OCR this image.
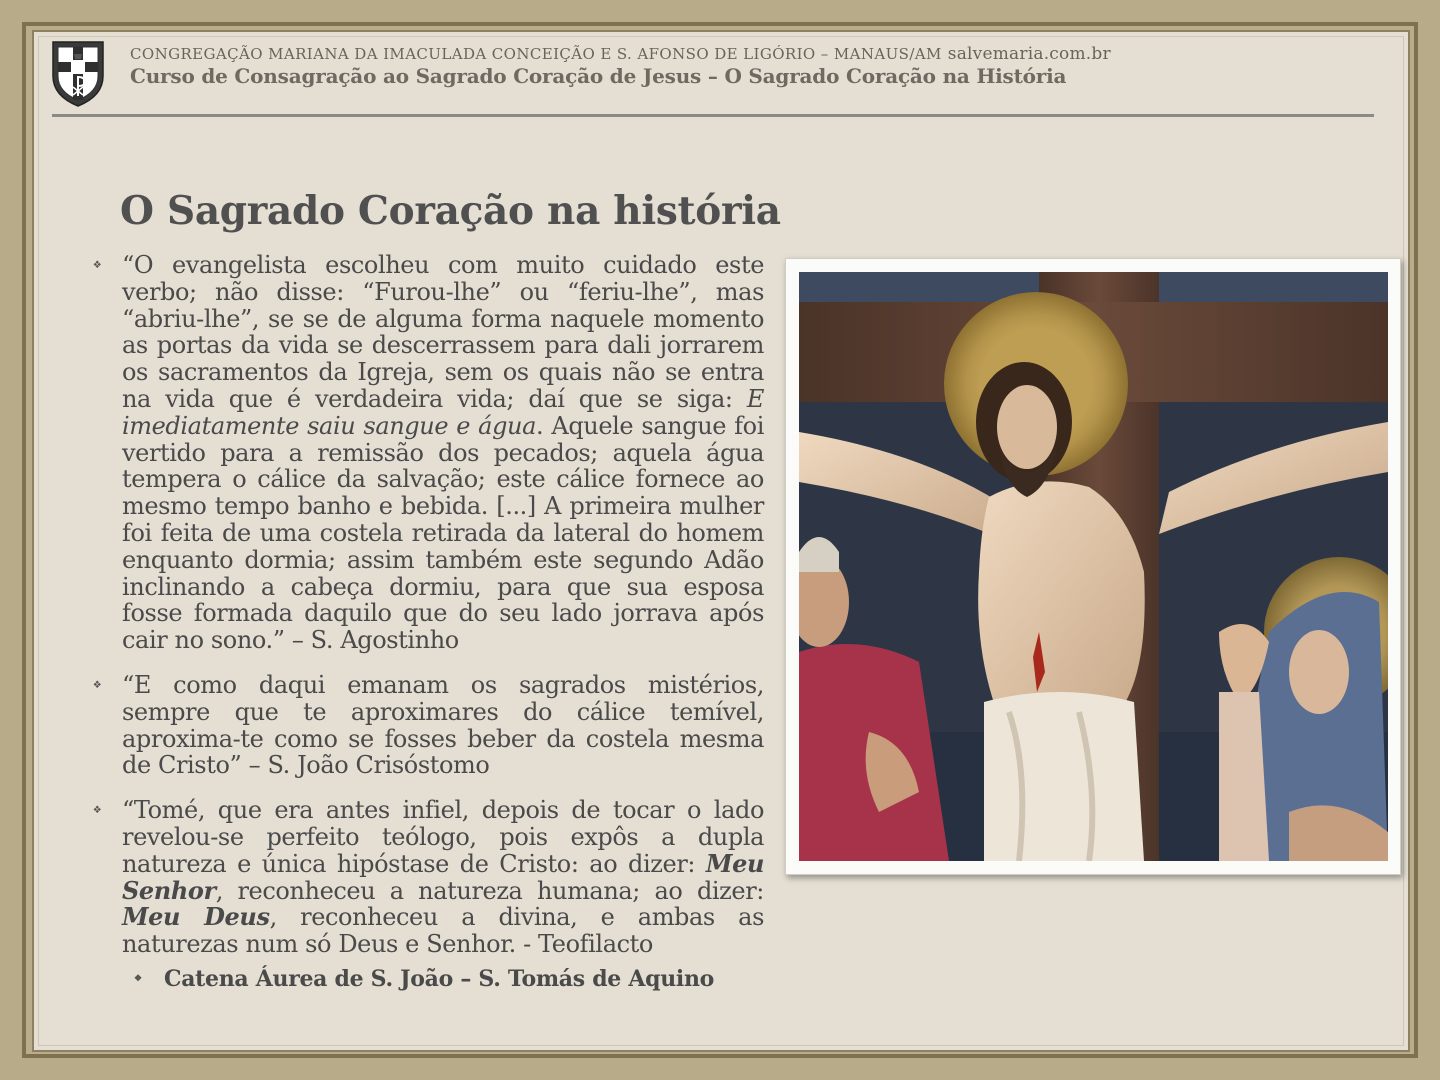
CONGREGAÇÃO MARIANA DA IMACULADA CONCEIÇÃO E S. AFONSO DE LIGÓRIO – MANAUS/AM salvemaria.com.br
Curso de Consagração ao Sagrado Coração de Jesus – O Sagrado Coração na História
O Sagrado Coração na história
❖ “O evangelista escolheu com muito cuidado este verbo; não disse: “Furou-lhe” ou “feriu-lhe”, mas “abriu-lhe”, se se de alguma forma naquele momento as portas da vida se descerrassem para dali jorrarem os sacramentos da Igreja, sem os quais não se entra na vida que é verdadeira vida; daí que se siga: E imediatamente saiu sangue e água. Aquele sangue foi vertido para a remissão dos pecados; aquela água tempera o cálice da salvação; este cálice fornece ao mesmo tempo banho e bebida. [...] A primeira mulher foi feita de uma costela retirada da lateral do homem enquanto dormia; assim também este segundo Adão inclinando a cabeça dormiu, para que sua esposa fosse formada daquilo que do seu lado jorrava após cair no sono.” – S. Agostinho
❖ “E como daqui emanam os sagrados mistérios, sempre que te aproximares do cálice temível, aproxima-te como se fosses beber da costela mesma de Cristo” – S. João Crisóstomo
❖ “Tomé, que era antes infiel, depois de tocar o lado revelou-se perfeito teólogo, pois expôs a dupla natureza e única hipóstase de Cristo: ao dizer: Meu Senhor, reconheceu a natureza humana; ao dizer: Meu Deus, reconheceu a divina, e ambas as naturezas num só Deus e Senhor. - Teofilacto
❖ Catena Áurea de S. João – S. Tomás de Aquino
